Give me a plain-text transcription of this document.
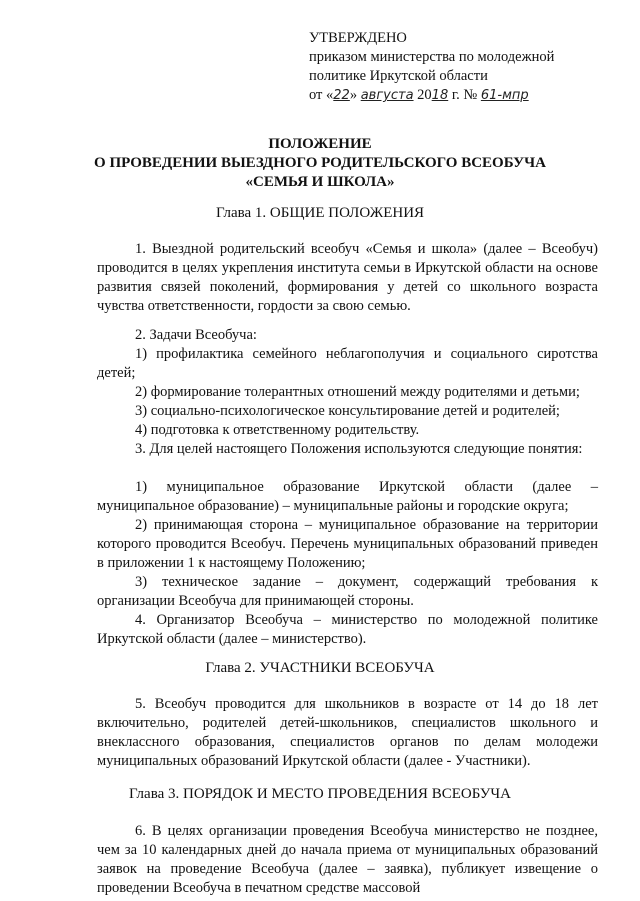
УТВЕРЖДЕНО
приказом министерства по молодежной
политике Иркутской области
от «22» августа 2018 г. № 61-мпр
ПОЛОЖЕНИЕ
О ПРОВЕДЕНИИ ВЫЕЗДНОГО РОДИТЕЛЬСКОГО ВСЕОБУЧА
«СЕМЬЯ И ШКОЛА»
Глава 1. ОБЩИЕ ПОЛОЖЕНИЯ

1. Выездной родительский всеобуч «Семья и школа» (далее – Всеобуч) проводится в целях укрепления института семьи в Иркутской области на основе развития связей поколений, формирования у детей со школьного возраста чувства ответственности, гордости за свою семью.

2. Задачи Всеобуча:

1) профилактика семейного неблагополучия и социального сиротства детей;

2) формирование толерантных отношений между родителями и детьми;

3) социально-психологическое консультирование детей и родителей;

4) подготовка к ответственному родительству.

3. Для целей настоящего Положения используются следующие понятия:

1) муниципальное образование Иркутской области (далее – муниципальное образование) – муниципальные районы и городские округа;

2) принимающая сторона – муниципальное образование на территории которого проводится Всеобуч. Перечень муниципальных образований приведен в приложении 1 к настоящему Положению;

3) техническое задание – документ, содержащий требования к организации Всеобуча для принимающей стороны.

4. Организатор Всеобуча – министерство по молодежной политике Иркутской области (далее – министерство).

Глава 2. УЧАСТНИКИ ВСЕОБУЧА

5. Всеобуч проводится для школьников в возрасте от 14 до 18 лет включительно, родителей детей-школьников, специалистов школьного и внеклассного образования, специалистов органов по делам молодежи муниципальных образований Иркутской области (далее - Участники).

Глава 3. ПОРЯДОК И МЕСТО ПРОВЕДЕНИЯ ВСЕОБУЧА

6. В целях организации проведения Всеобуча министерство не позднее, чем за 10 календарных дней до начала приема от муниципальных образований заявок на проведение Всеобуча (далее – заявка), публикует извещение о проведении Всеобуча в печатном средстве массовой
